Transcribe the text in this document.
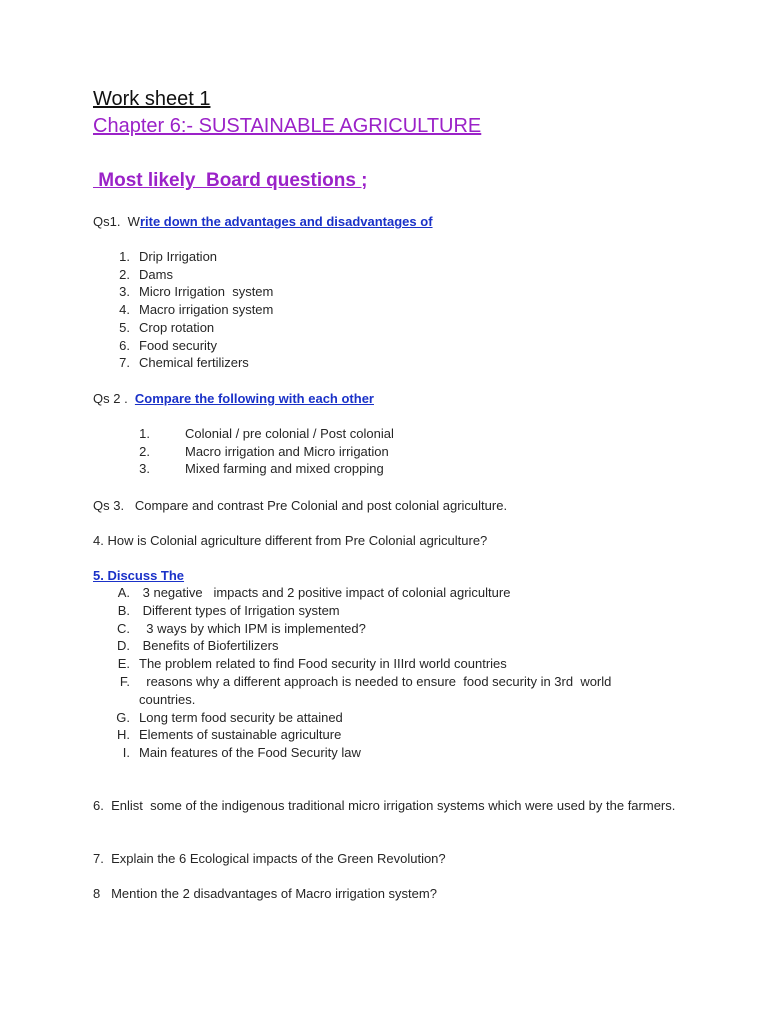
Work sheet 1
Chapter 6:- SUSTAINABLE AGRICULTURE
Most likely  Board questions ;
Qs1.  Write down the advantages and disadvantages of
1. Drip Irrigation
2. Dams
3. Micro Irrigation  system
4. Macro irrigation system
5. Crop rotation
6. Food security
7. Chemical fertilizers
Qs 2 .  Compare the following with each other
1.	Colonial / pre colonial / Post colonial
2.	Macro irrigation and Micro irrigation
3.	Mixed farming and mixed cropping
Qs 3.   Compare and contrast Pre Colonial and post colonial agriculture.
4. How is Colonial agriculture different from Pre Colonial agriculture?
5. Discuss The
A. 3 negative   impacts and 2 positive impact of colonial agriculture
B. Different types of Irrigation system
C. 3 ways by which IPM is implemented?
D. Benefits of Biofertilizers
E. The problem related to find Food security in IIIrd world countries
F. reasons why a different approach is needed to ensure  food security in 3rd  world countries.
G. Long term food security be attained
H. Elements of sustainable agriculture
I. Main features of the Food Security law
6.  Enlist  some of the indigenous traditional micro irrigation systems which were used by the farmers.
7.  Explain the 6 Ecological impacts of the Green Revolution?
8   Mention the 2 disadvantages of Macro irrigation system?
